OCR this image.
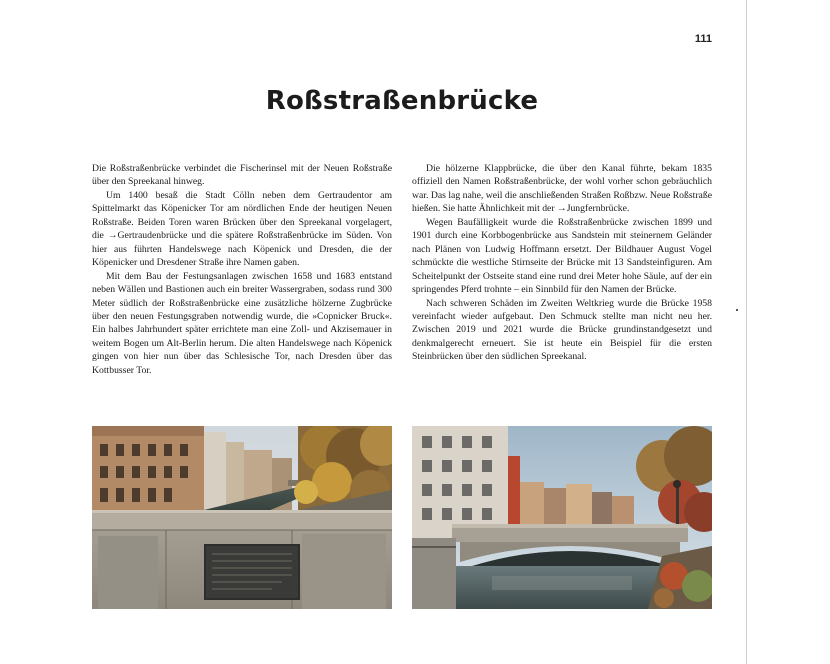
111
Roßstraßenbrücke

Die Roßstraßenbrücke verbindet die Fischerinsel mit der Neuen Roßstraße über den Spreekanal hinweg.

Um 1400 besaß die Stadt Cölln neben dem Gertraudentor am Spittelmarkt das Köpenicker Tor am nördlichen Ende der heutigen Neuen Roßstraße. Beiden Toren waren Brücken über den Spreekanal vorgelagert, die →Gertraudenbrücke und die spätere Roßstraßenbrücke im Süden. Von hier aus führten Handelswege nach Köpenick und Dresden, die der Köpenicker und Dresdener Straße ihre Namen gaben.

Mit dem Bau der Festungsanlagen zwischen 1658 und 1683 entstand neben Wällen und Bastionen auch ein breiter Wassergraben, sodass rund 300 Meter südlich der Roßstraßenbrücke eine zusätzliche hölzerne Zugbrücke über den neuen Festungsgraben notwendig wurde, die »Copnicker Bruck«. Ein halbes Jahrhundert später errichtete man eine Zoll- und Akzisemauer in weitem Bogen um Alt-Berlin herum. Die alten Handelswege nach Köpenick gingen von hier nun über das Schlesische Tor, nach Dresden über das Kottbusser Tor.

Die hölzerne Klappbrücke, die über den Kanal führte, bekam 1835 offiziell den Namen Roßstraßenbrücke, der wohl vorher schon gebräuchlich war. Das lag nahe, weil die anschließenden Straßen Roßbzw. Neue Roßstraße hießen. Sie hatte Ähnlichkeit mit der →Jungfernbrücke.

Wegen Baufälligkeit wurde die Roßstraßenbrücke zwischen 1899 und 1901 durch eine Korbbogenbrücke aus Sandstein mit steinernem Geländer nach Plänen von Ludwig Hoffmann ersetzt. Der Bildhauer August Vogel schmückte die westliche Stirnseite der Brücke mit 13 Sandsteinfiguren. Am Scheitelpunkt der Ostseite stand eine rund drei Meter hohe Säule, auf der ein springendes Pferd trohnte – ein Sinnbild für den Namen der Brücke.

Nach schweren Schäden im Zweiten Weltkrieg wurde die Brücke 1958 vereinfacht wieder aufgebaut. Den Schmuck stellte man nicht neu her. Zwischen 2019 und 2021 wurde die Brücke grundinstandgesetzt und denkmalgerecht erneuert. Sie ist heute ein Beispiel für die ersten Steinbrücken über den südlichen Spreekanal.
